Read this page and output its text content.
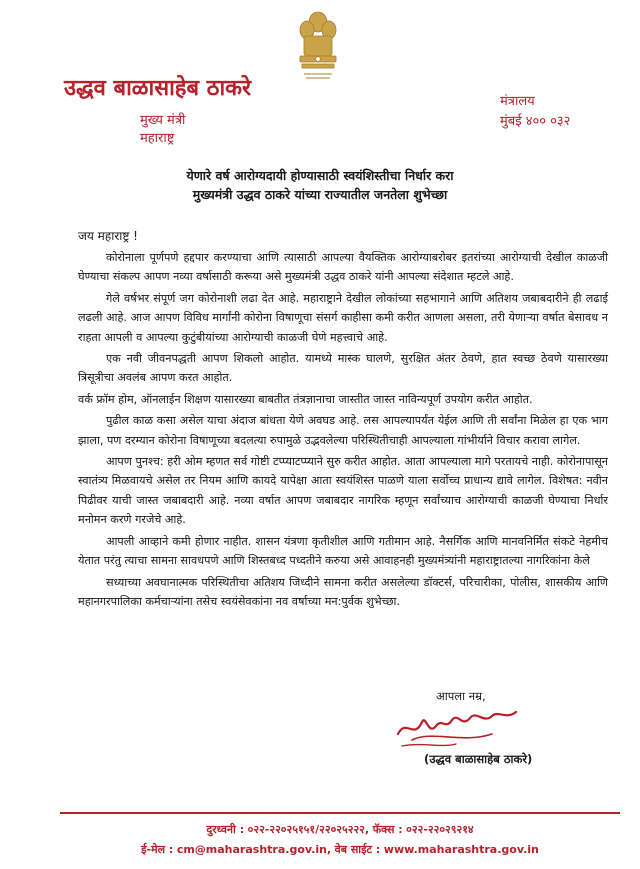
उद्धव बाळासाहेब ठाकरे
मुख्य मंत्री
महाराष्ट्र
मंत्रालय
मुंबई ४०० ०३२
येणारे वर्ष आरोग्यदायी होण्यासाठी स्वयंशिस्तीचा निर्धार करा
मुख्यमंत्री उद्धव ठाकरे यांच्या राज्यातील जनतेला शुभेच्छा
जय महाराष्ट्र !

कोरोनाला पूर्णपणे हद्दपार करण्याचा आणि त्यासाठी आपल्या वैयक्तिक आरोग्याबरोबर इतरांच्या आरोग्याची देखील काळजी घेण्याचा संकल्प आपण नव्या वर्षासाठी करूया असे मुख्यमंत्री उद्धव ठाकरे यांनी आपल्या संदेशात म्हटले आहे.

गेले वर्षभर संपूर्ण जग कोरोनाशी लढा देत आहे. महाराष्ट्राने देखील लोकांच्या सहभागाने आणि अतिशय जबाबदारीने ही लढाई लढली आहे. आज आपण विविध मार्गांनी कोरोना विषाणूचा संसर्ग काहीसा कमी करीत आणला असला, तरी येणाऱ्या वर्षात बेसावध न राहता आपली व आपल्या कुटुंबीयांच्या आरोग्याची काळजी घेणे महत्त्वाचे आहे.

एक नवी जीवनपद्धती आपण शिकलो आहोत. यामध्ये मास्क घालणे, सुरक्षित अंतर ठेवणे, हात स्वच्छ ठेवणे यासारख्या त्रिसूत्रीचा अवलंब आपण करत आहोत.

वर्क फ्रॉम होम, ऑनलाईन शिक्षण यासारख्या बाबतीत तंत्रज्ञानाचा जास्तीत जास्त नाविन्यपूर्ण उपयोग करीत आहोत.

पुढील काळ कसा असेल याचा अंदाज बांधता येणे अवघड आहे. लस आपल्यापर्यंत येईल आणि ती सर्वांना मिळेल हा एक भाग झाला, पण दरम्यान कोरोना विषाणूच्या बदलत्या रुपामुळे उद्भवलेल्या परिस्थितीचाही आपल्याला गांभीर्याने विचार करावा लागेल.

आपण पुनश्च: हरी ओम म्हणत सर्व गोष्टी टप्प्याटप्प्याने सुरु करीत आहोत. आता आपल्याला मागे परतायचे नाही. कोरोनापासून स्वातंत्र्य मिळवायचे असेल तर नियम आणि कायदे यापेक्षा आता स्वयंशिस्त पाळणे याला सर्वोच्च प्राधान्य द्यावे लागेल. विशेषत: नवीन पिढीवर याची जास्त जबाबदारी आहे. नव्या वर्षात आपण जबाबदार नागरिक म्हणून सर्वांच्याच आरोग्याची काळजी घेण्याचा निर्धार मनोमन करणे गरजेचे आहे.

आपली आव्हाने कमी होणार नाहीत. शासन यंत्रणा कृतीशील आणि गतीमान आहे. नैसर्गिक आणि मानवनिर्मित संकटे नेहमीच येतात परंतु त्याचा सामना सावधपणे आणि शिस्तबध्द पध्दतीने करुया असे आवाहनही मुख्यमंत्र्यांनी महाराष्ट्रातल्या नागरिकांना केले

सध्याच्या अवघानात्मक परिस्थितीचा अतिशय जिध्दीने सामना करीत असलेल्या डॉक्टर्स, परिचारीका, पोलीस, शासकीय आणि महानगरपालिका कर्मचाऱ्यांना तसेच स्वयंसेवकांना नव वर्षाच्या मन:पुर्वक शुभेच्छा.

आपला नम्र,
(उद्धव बाळासाहेब ठाकरे)
दुरध्वनी : ०२२-२२०२५१५१/२२०२५२२२, फॅक्स : ०२२-२२०२९२१४
ई-मेल : cm@maharashtra.gov.in, वेब साईट : www.maharashtra.gov.in
